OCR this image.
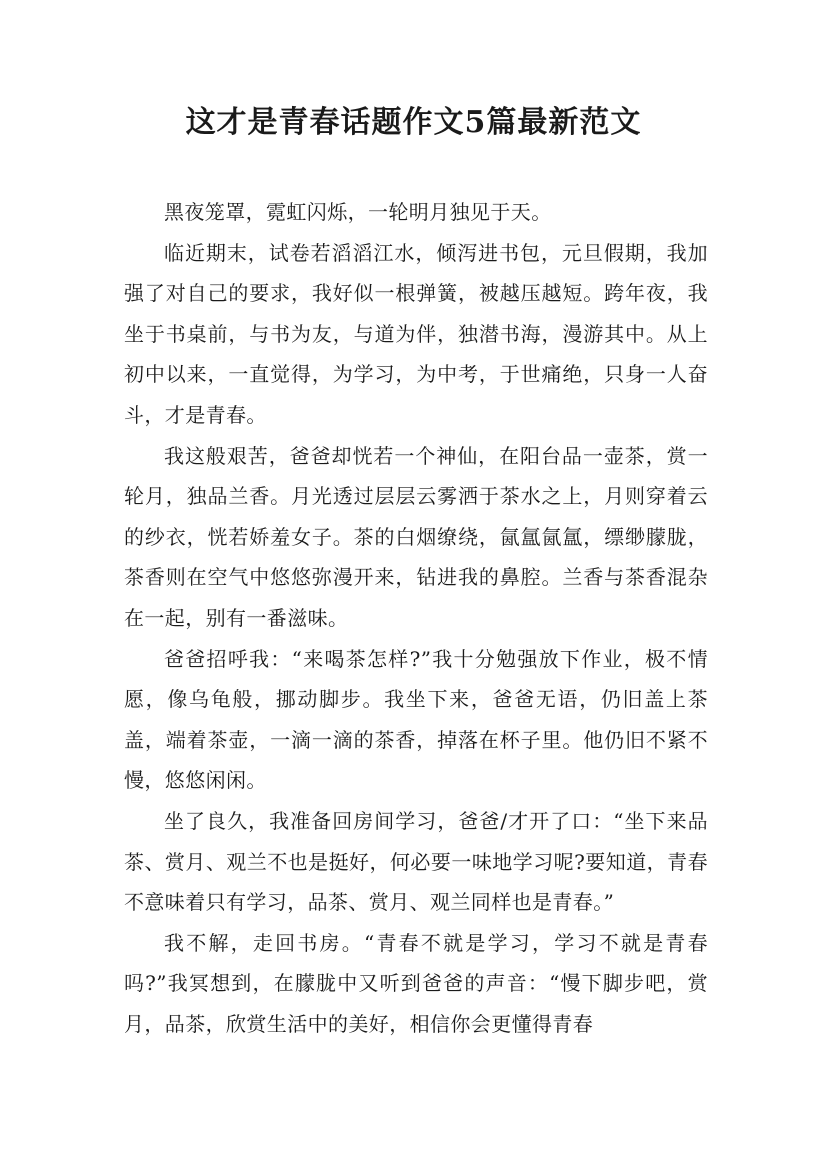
这才是青春话题作文5篇最新范文

黑夜笼罩，霓虹闪烁，一轮明月独见于天。

临近期末，试卷若滔滔江水，倾泻进书包，元旦假期，我加强了对自己的要求，我好似一根弹簧，被越压越短。跨年夜，我坐于书桌前，与书为友，与道为伴，独潜书海，漫游其中。从上初中以来，一直觉得，为学习，为中考，于世痛绝，只身一人奋斗，才是青春。

我这般艰苦，爸爸却恍若一个神仙，在阳台品一壶茶，赏一轮月，独品兰香。月光透过层层云雾洒于茶水之上，月则穿着云的纱衣，恍若娇羞女子。茶的白烟缭绕，氤氲氤氲，缥缈朦胧，茶香则在空气中悠悠弥漫开来，钻进我的鼻腔。兰香与茶香混杂在一起，别有一番滋味。

爸爸招呼我：“来喝茶怎样?”我十分勉强放下作业，极不情愿，像乌龟般，挪动脚步。我坐下来，爸爸无语，仍旧盖上茶盖，端着茶壶，一滴一滴的茶香，掉落在杯子里。他仍旧不紧不慢，悠悠闲闲。

坐了良久，我准备回房间学习，爸爸/才开了口：“坐下来品茶、赏月、观兰不也是挺好，何必要一味地学习呢?要知道，青春不意味着只有学习，品茶、赏月、观兰同样也是青春。”

我不解，走回书房。“青春不就是学习，学习不就是青春吗?”我冥想到，在朦胧中又听到爸爸的声音：“慢下脚步吧，赏月，品茶，欣赏生活中的美好，相信你会更懂得青春
